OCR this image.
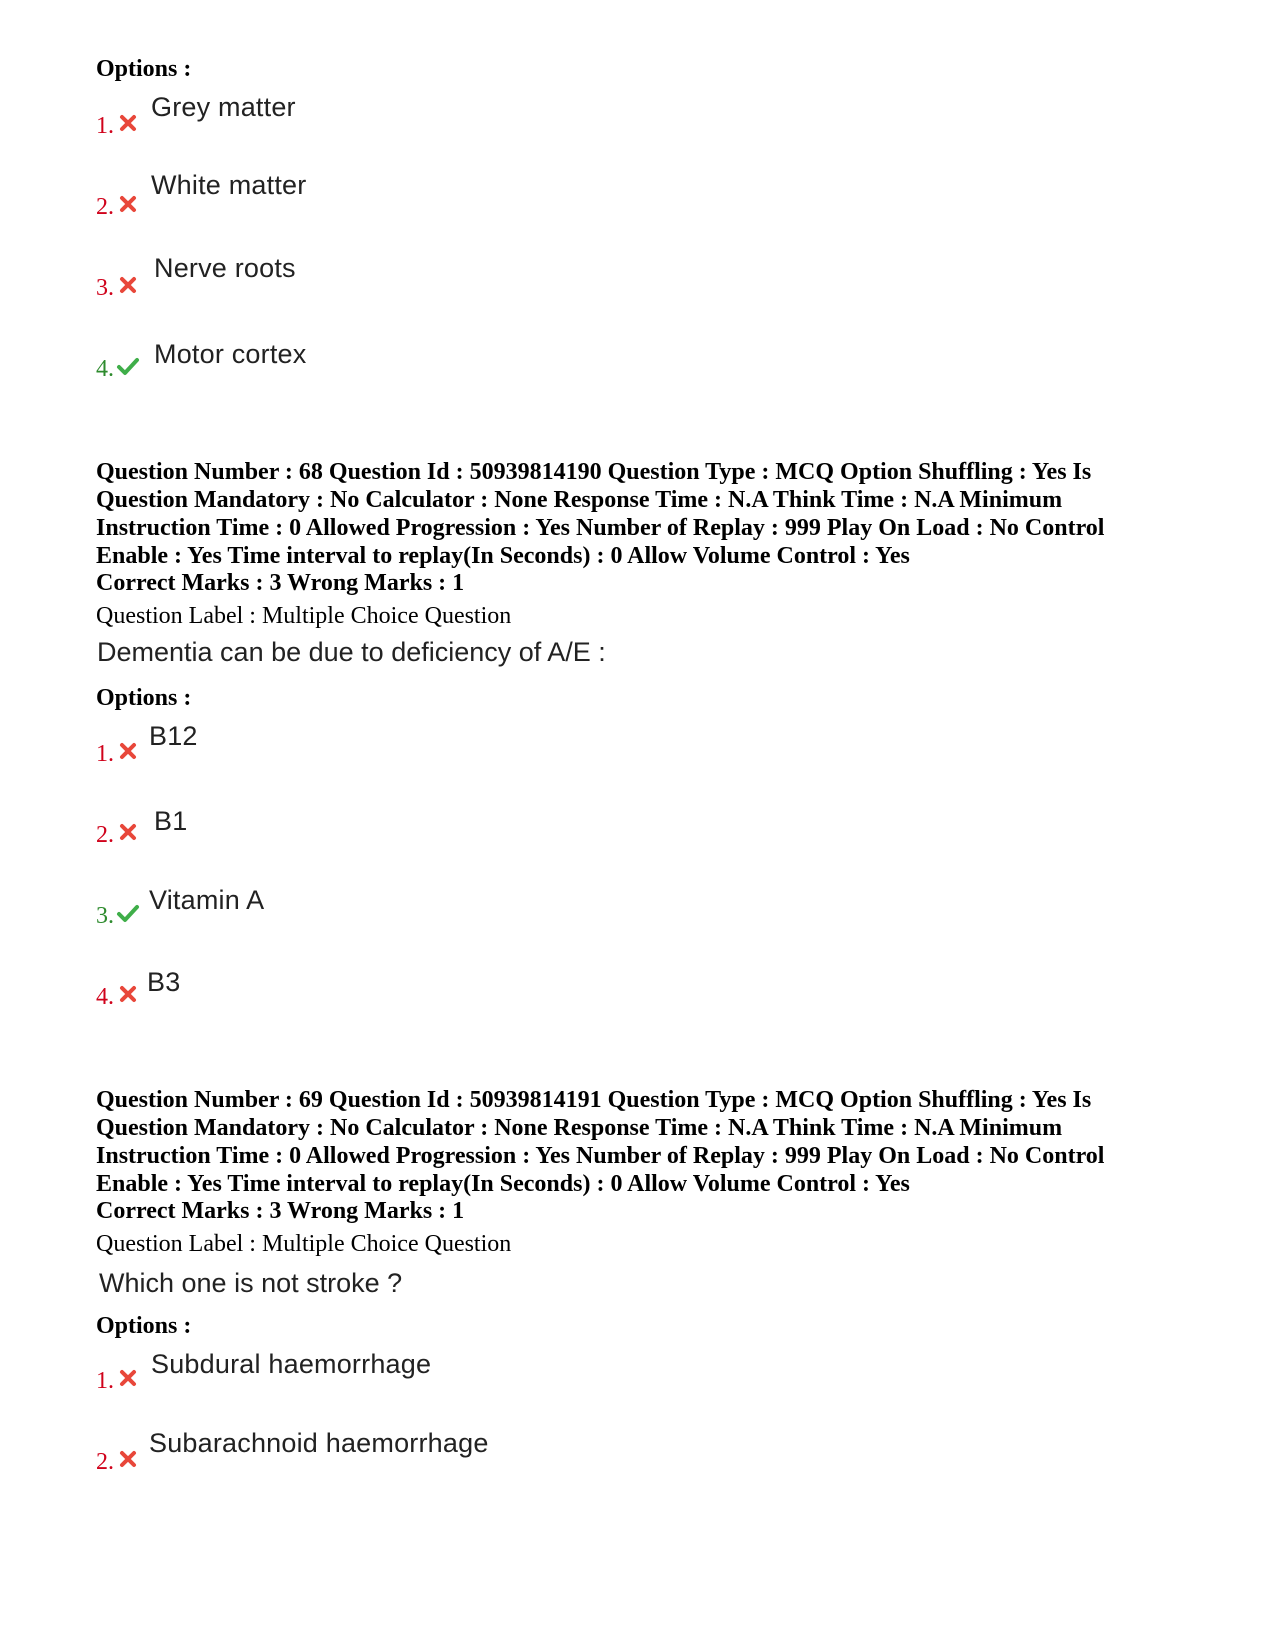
Options :
1.
Grey matter
2.
White matter
3.
Nerve roots
4. Motor cortex
Question Number : 68 Question Id : 50939814190 Question Type : MCQ Option Shuffling : Yes Is
Question Mandatory : No Calculator : None Response Time : N.A Think Time : N.A Minimum
Instruction Time : 0 Allowed Progression : Yes Number of Replay : 999 Play On Load : No Control
Enable : Yes Time interval to replay(In Seconds) : 0 Allow Volume Control : Yes
Correct Marks : 3 Wrong Marks : 1
Question Label : Multiple Choice Question
Dementia can be due to deficiency of A/E :
Options :
1.
B12
2. B1
3.
Vitamin A
4. B3
Question Number : 69 Question Id : 50939814191 Question Type : MCQ Option Shuffling : Yes Is
Question Mandatory : No Calculator : None Response Time : N.A Think Time : N.A Minimum
Instruction Time : 0 Allowed Progression : Yes Number of Replay : 999 Play On Load : No Control
Enable : Yes Time interval to replay(In Seconds) : 0 Allow Volume Control : Yes
Correct Marks : 3 Wrong Marks : 1
Question Label : Multiple Choice Question
Which one is not stroke ?
Options :
1.
Subdural haemorrhage
2.
Subarachnoid haemorrhage
